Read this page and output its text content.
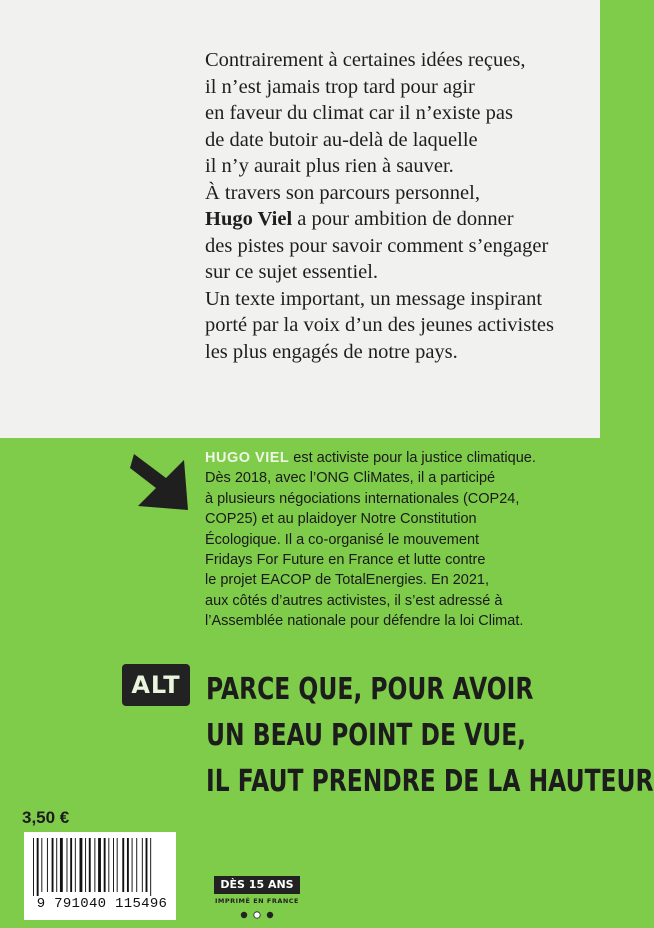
Contrairement à certaines idées reçues,

il n’est jamais trop tard pour agir

en faveur du climat car il n’existe pas

de date butoir au-delà de laquelle

il n’y aurait plus rien à sauver.

À travers son parcours personnel,

Hugo Viel a pour ambition de donner

des pistes pour savoir comment s’engager

sur ce sujet essentiel.

Un texte important, un message inspirant

porté par la voix d’un des jeunes activistes

les plus engagés de notre pays.

HUGO VIEL est activiste pour la justice climatique.

Dès 2018, avec l’ONG CliMates, il a participé

à plusieurs négociations internationales (COP24,

COP25) et au plaidoyer Notre Constitution

Écologique. Il a co-organisé le mouvement

Fridays For Future en France et lutte contre

le projet EACOP de TotalEnergies. En 2021,

aux côtés d’autres activistes, il s’est adressé à

l’Assemblée nationale pour défendre la loi Climat.

ALT PARCE QUE, POUR AVOIR
UN BEAU POINT DE VUE,
IL FAUT PRENDRE DE LA HAUTEUR
3,50 €
9 791040 115496
DÈS 15 ANS
IMPRIMÉ EN FRANCE
